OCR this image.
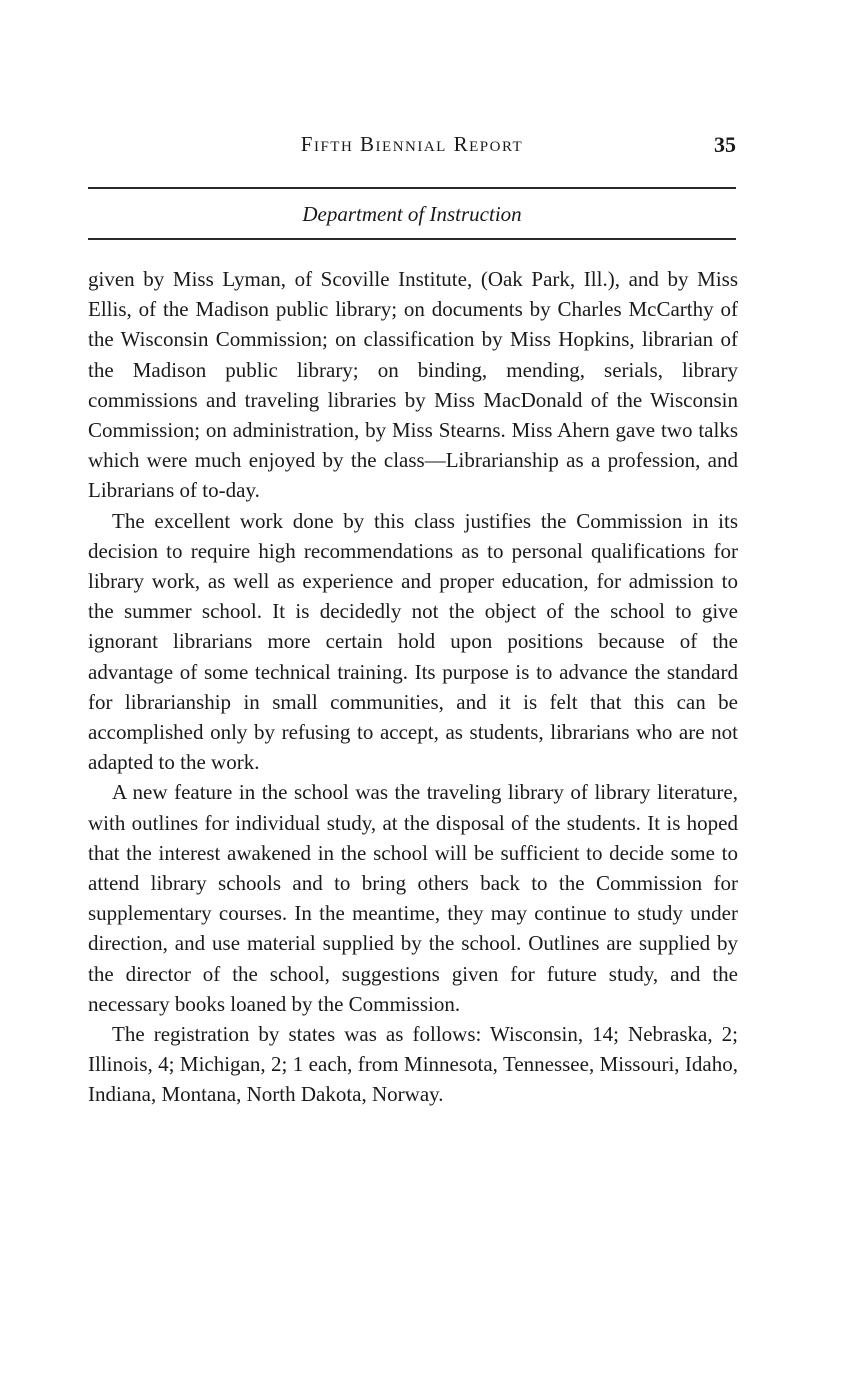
Fifth Biennial Report	35
Department of Instruction

given by Miss Lyman, of Scoville Institute, (Oak Park, Ill.), and by Miss Ellis, of the Madison public library; on documents by Charles McCarthy of the Wisconsin Commission; on classification by Miss Hopkins, librarian of the Madison public library; on binding, mending, serials, library commissions and traveling libraries by Miss MacDonald of the Wisconsin Commission; on administration, by Miss Stearns. Miss Ahern gave two talks which were much enjoyed by the class—Librarianship as a profession, and Librarians of to-day.

The excellent work done by this class justifies the Commission in its decision to require high recommendations as to personal qualifications for library work, as well as experience and proper education, for admission to the summer school. It is decidedly not the object of the school to give ignorant librarians more certain hold upon positions because of the advantage of some technical training. Its purpose is to advance the standard for librarianship in small communities, and it is felt that this can be accomplished only by refusing to accept, as students, librarians who are not adapted to the work.

A new feature in the school was the traveling library of library literature, with outlines for individual study, at the disposal of the students. It is hoped that the interest awakened in the school will be sufficient to decide some to attend library schools and to bring others back to the Commission for supplementary courses. In the meantime, they may continue to study under direction, and use material supplied by the school. Outlines are supplied by the director of the school, suggestions given for future study, and the necessary books loaned by the Commission.

The registration by states was as follows: Wisconsin, 14; Nebraska, 2; Illinois, 4; Michigan, 2; 1 each, from Minnesota, Tennessee, Missouri, Idaho, Indiana, Montana, North Dakota, Norway.
